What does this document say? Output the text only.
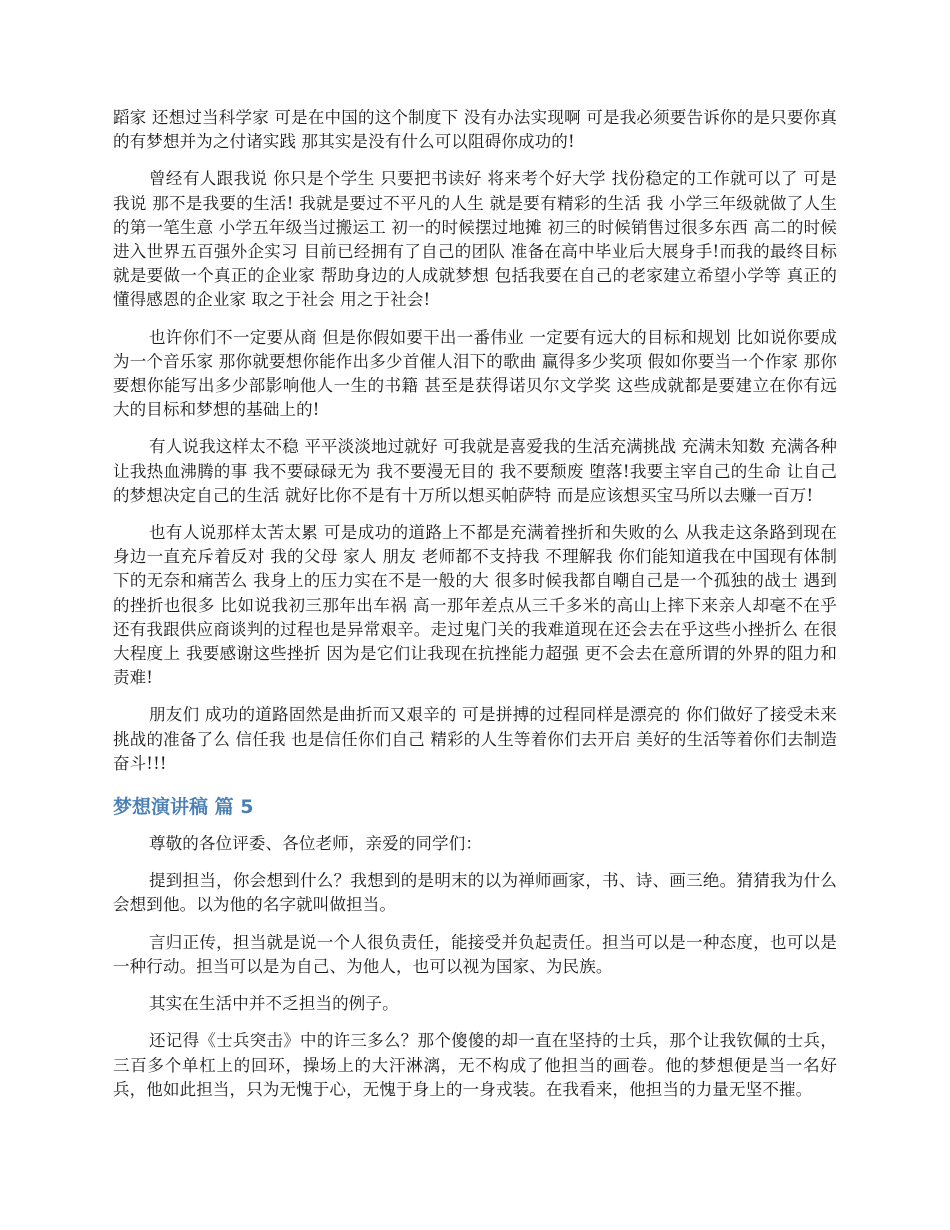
蹈家 还想过当科学家 可是在中国的这个制度下 没有办法实现啊 可是我必须要告诉你的是只要你真的有梦想并为之付诸实践 那其实是没有什么可以阻碍你成功的!

曾经有人跟我说 你只是个学生 只要把书读好 将来考个好大学 找份稳定的工作就可以了 可是我说 那不是我要的生活! 我就是要过不平凡的人生 就是要有精彩的生活 我 小学三年级就做了人生的第一笔生意 小学五年级当过搬运工 初一的时候摆过地摊 初三的时候销售过很多东西 高二的时候进入世界五百强外企实习 目前已经拥有了自己的团队 准备在高中毕业后大展身手!而我的最终目标就是要做一个真正的企业家 帮助身边的人成就梦想 包括我要在自己的老家建立希望小学等 真正的懂得感恩的企业家 取之于社会 用之于社会!

也许你们不一定要从商 但是你假如要干出一番伟业 一定要有远大的目标和规划 比如说你要成为一个音乐家 那你就要想你能作出多少首催人泪下的歌曲 赢得多少奖项 假如你要当一个作家 那你要想你能写出多少部影响他人一生的书籍 甚至是获得诺贝尔文学奖 这些成就都是要建立在你有远大的目标和梦想的基础上的!

有人说我这样太不稳 平平淡淡地过就好 可我就是喜爱我的生活充满挑战 充满未知数 充满各种让我热血沸腾的事 我不要碌碌无为 我不要漫无目的 我不要颓废 堕落!我要主宰自己的生命 让自己的梦想决定自己的生活 就好比你不是有十万所以想买帕萨特 而是应该想买宝马所以去赚一百万!

也有人说那样太苦太累 可是成功的道路上不都是充满着挫折和失败的么 从我走这条路到现在 身边一直充斥着反对 我的父母 家人 朋友 老师都不支持我 不理解我 你们能知道我在中国现有体制下的无奈和痛苦么 我身上的压力实在不是一般的大 很多时候我都自嘲自己是一个孤独的战士 遇到的挫折也很多 比如说我初三那年出车祸 高一那年差点从三千多米的高山上摔下来亲人却毫不在乎 还有我跟供应商谈判的过程也是异常艰辛。走过鬼门关的我难道现在还会去在乎这些小挫折么 在很大程度上 我要感谢这些挫折 因为是它们让我现在抗挫能力超强 更不会去在意所谓的外界的阻力和责难!

朋友们 成功的道路固然是曲折而又艰辛的 可是拼搏的过程同样是漂亮的 你们做好了接受未来挑战的准备了么 信任我 也是信任你们自己 精彩的人生等着你们去开启 美好的生活等着你们去制造 奋斗!!!

梦想演讲稿 篇 5

尊敬的各位评委、各位老师，亲爱的同学们：

提到担当，你会想到什么？我想到的是明末的以为禅师画家，书、诗、画三绝。猜猜我为什么会想到他。以为他的名字就叫做担当。

言归正传，担当就是说一个人很负责任，能接受并负起责任。担当可以是一种态度，也可以是一种行动。担当可以是为自己、为他人，也可以视为国家、为民族。

其实在生活中并不乏担当的例子。

还记得《士兵突击》中的许三多么？那个傻傻的却一直在坚持的士兵，那个让我钦佩的士兵，三百多个单杠上的回环，操场上的大汗淋漓，无不构成了他担当的画卷。他的梦想便是当一名好兵，他如此担当，只为无愧于心，无愧于身上的一身戎装。在我看来，他担当的力量无坚不摧。
